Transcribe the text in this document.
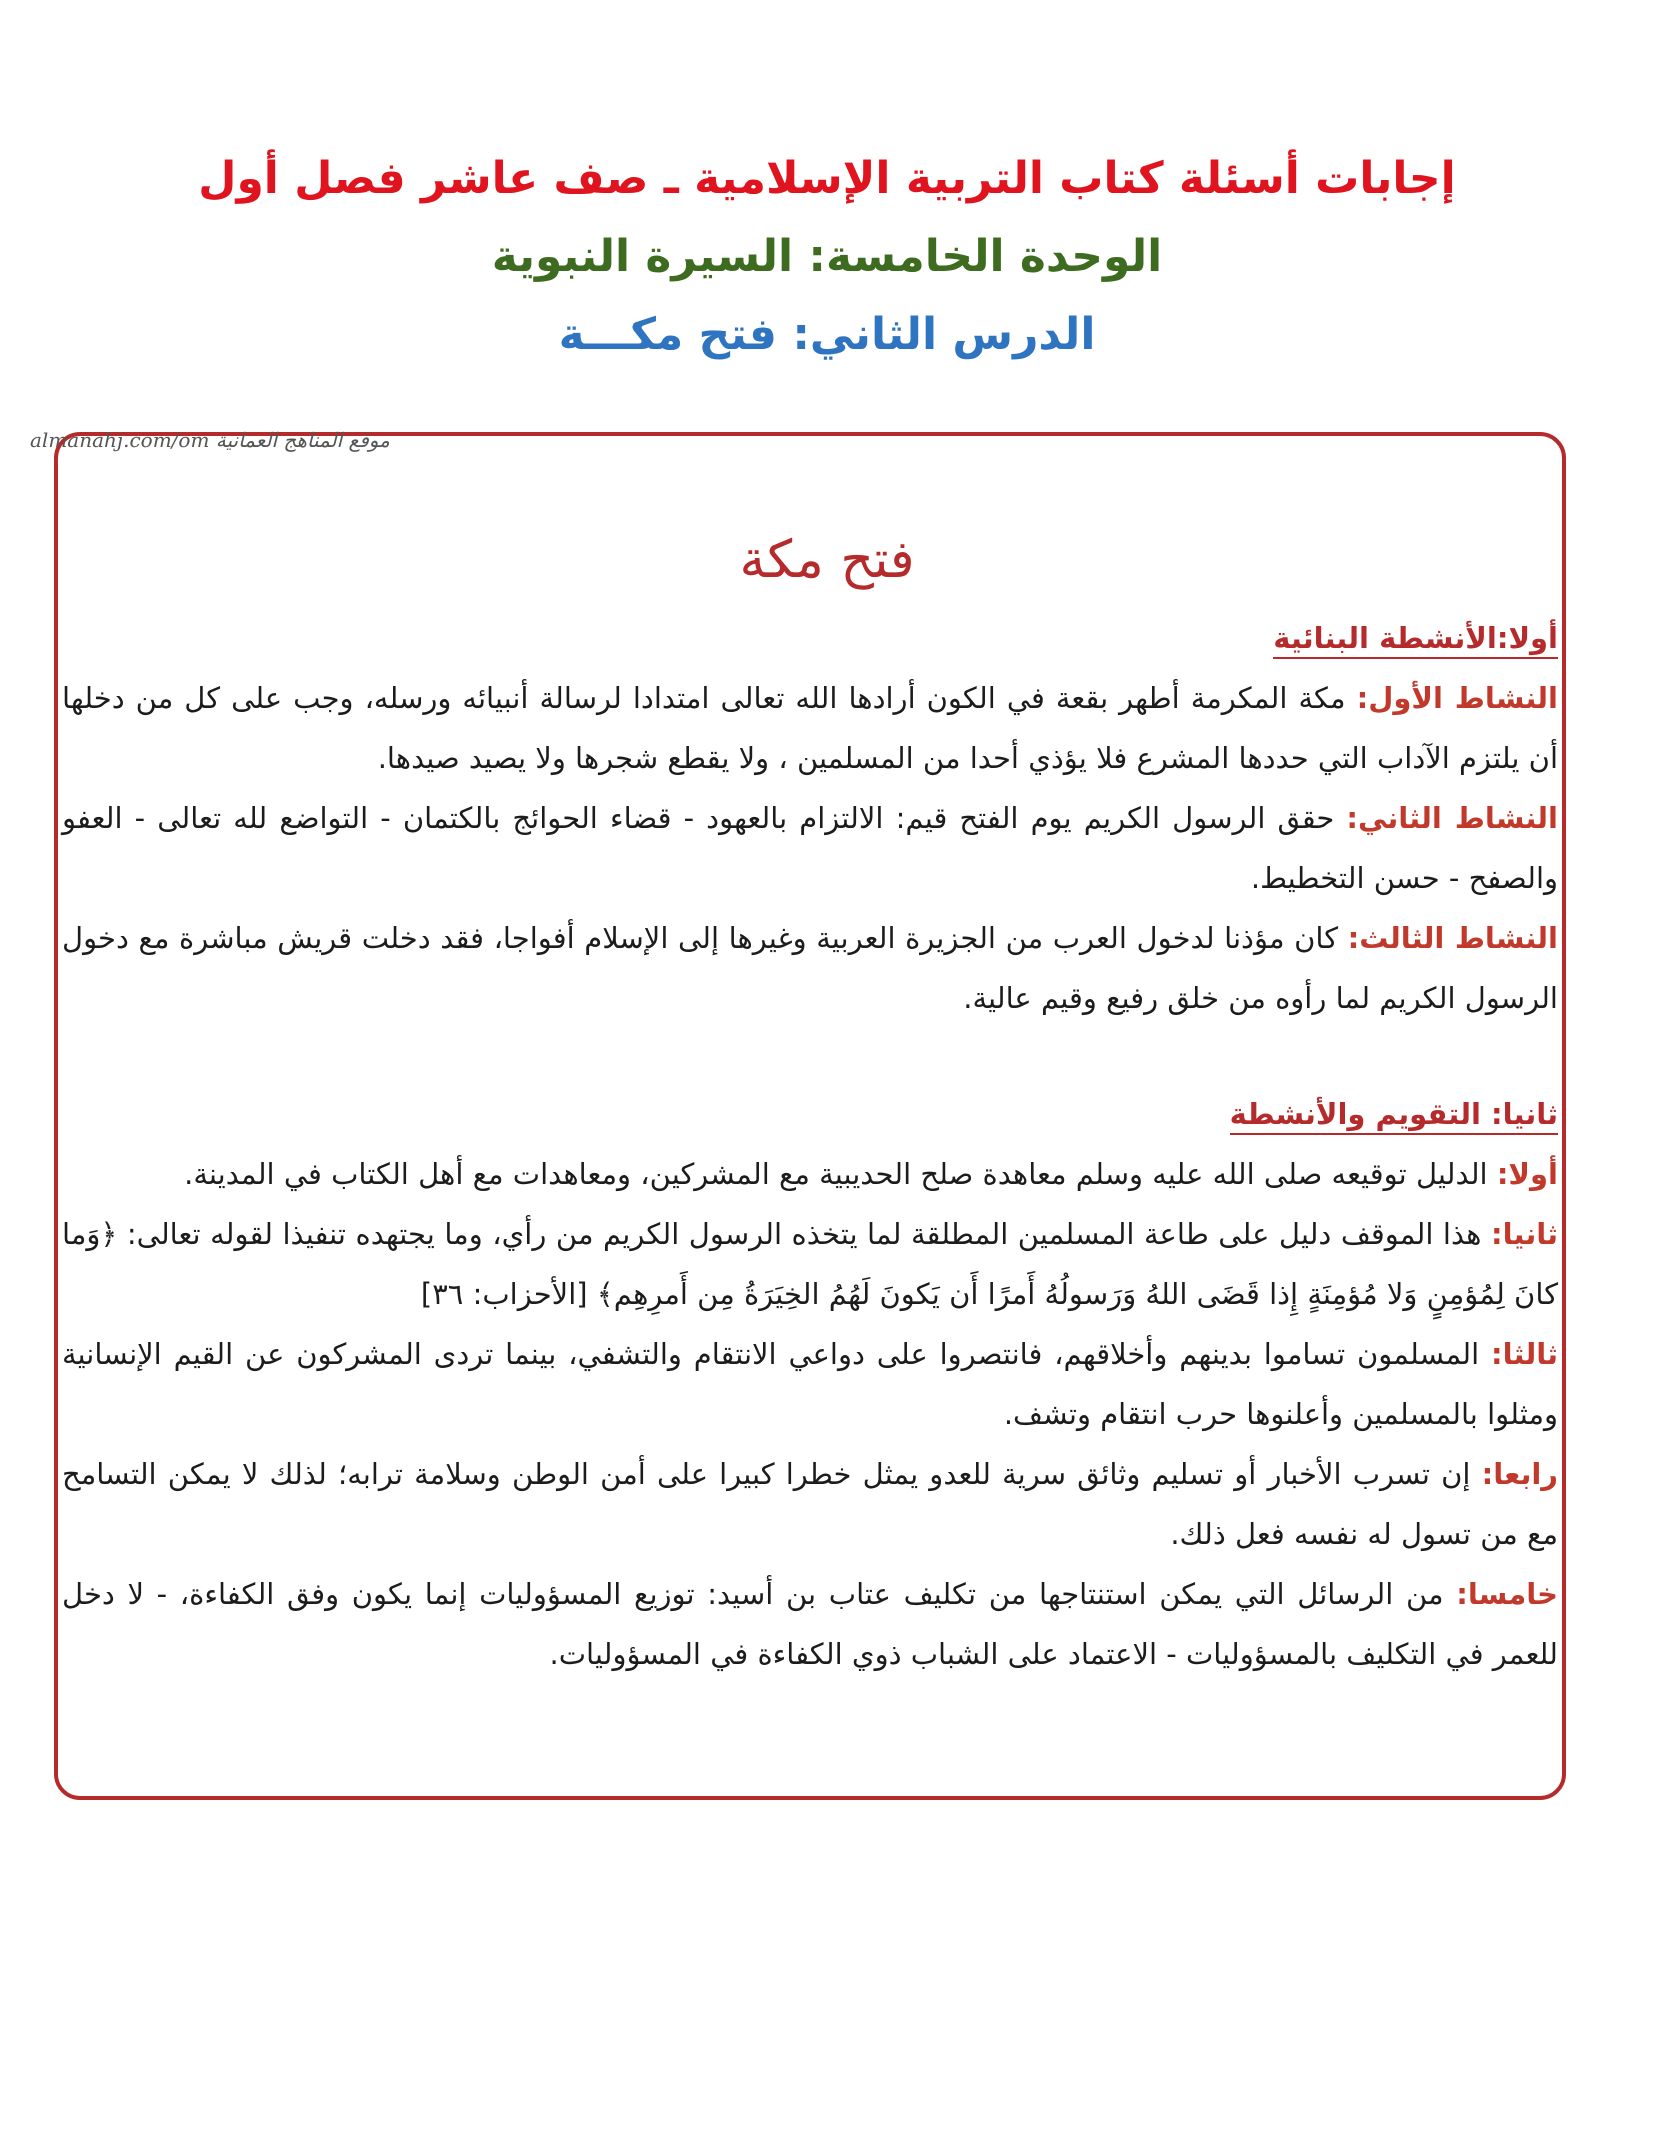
إجابات أسئلة كتاب التربية الإسلامية ـ صف عاشر فصل أول

الوحدة الخامسة: السيرة النبوية

الدرس الثاني: فتح مكـــة

almanahj.com/om موقع المناهج العمانية
فتح مكة
أولا:الأنشطة البنائية

النشاط الأول: مكة المكرمة أطهر بقعة في الكون أرادها الله تعالى امتدادا لرسالة أنبيائه ورسله، وجب على كل من دخلها أن يلتزم الآداب التي حددها المشرع فلا يؤذي أحدا من المسلمين ، ولا يقطع شجرها ولا يصيد صيدها.

النشاط الثاني: حقق الرسول الكريم يوم الفتح قيم: الالتزام بالعهود - قضاء الحوائج بالكتمان - التواضع لله تعالى - العفو والصفح - حسن التخطيط.

النشاط الثالث: كان مؤذنا لدخول العرب من الجزيرة العربية وغيرها إلى الإسلام أفواجا، فقد دخلت قريش مباشرة مع دخول الرسول الكريم لما رأوه من خلق رفيع وقيم عالية.

ثانيا: التقويم والأنشطة

أولا: الدليل توقيعه صلى الله عليه وسلم معاهدة صلح الحديبية مع المشركين، ومعاهدات مع أهل الكتاب في المدينة.

ثانيا: هذا الموقف دليل على طاعة المسلمين المطلقة لما يتخذه الرسول الكريم من رأي، وما يجتهده تنفيذا لقوله تعالى: ﴿وَما كانَ لِمُؤمِنٍ وَلا مُؤمِنَةٍ إِذا قَضَى اللهُ وَرَسولُهُ أَمرًا أَن يَكونَ لَهُمُ الخِيَرَةُ مِن أَمرِهِم﴾ [الأحزاب: ٣٦]

ثالثا: المسلمون تساموا بدينهم وأخلاقهم، فانتصروا على دواعي الانتقام والتشفي، بينما تردى المشركون عن القيم الإنسانية ومثلوا بالمسلمين وأعلنوها حرب انتقام وتشف.

رابعا: إن تسرب الأخبار أو تسليم وثائق سرية للعدو يمثل خطرا كبيرا على أمن الوطن وسلامة ترابه؛ لذلك لا يمكن التسامح مع من تسول له نفسه فعل ذلك.

خامسا: من الرسائل التي يمكن استنتاجها من تكليف عتاب بن أسيد: توزيع المسؤوليات إنما يكون وفق الكفاءة، - لا دخل للعمر في التكليف بالمسؤوليات - الاعتماد على الشباب ذوي الكفاءة في المسؤوليات.
